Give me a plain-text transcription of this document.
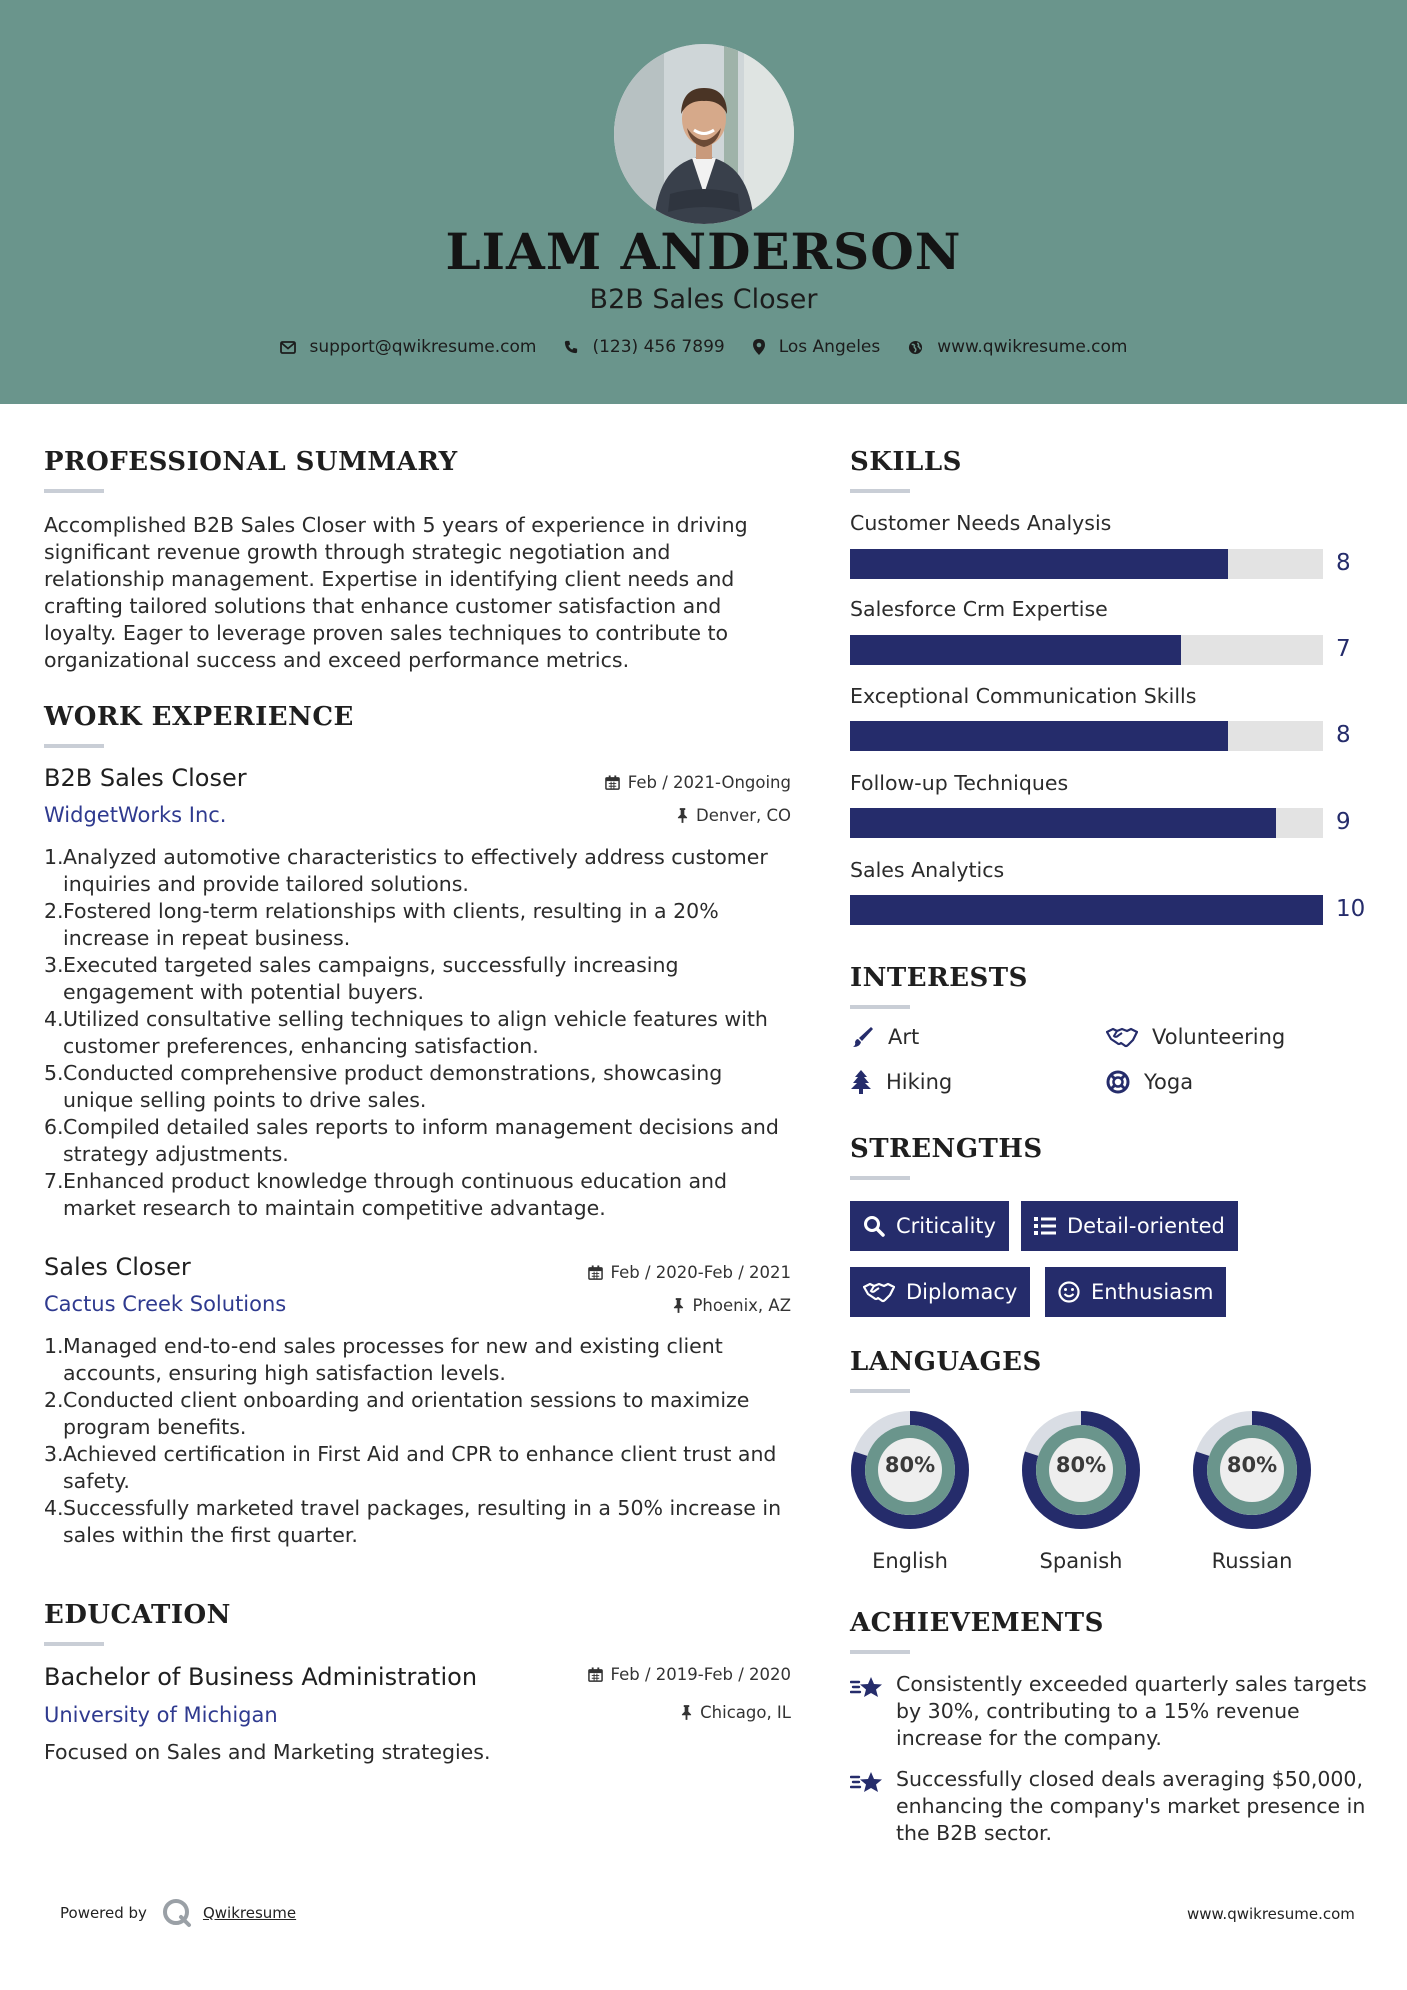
LIAM ANDERSON
B2B Sales Closer
support@qwikresume.com	(123) 456 7899	Los Angeles	www.qwikresume.com
PROFESSIONAL SUMMARY
Accomplished B2B Sales Closer with 5 years of experience in driving significant revenue growth through strategic negotiation and relationship management. Expertise in identifying client needs and crafting tailored solutions that enhance customer satisfaction and loyalty. Eager to leverage proven sales techniques to contribute to organizational success and exceed performance metrics.
WORK EXPERIENCE
B2B Sales Closer
WidgetWorks Inc.
Feb / 2021-Ongoing
Denver, CO
Analyzed automotive characteristics to effectively address customer inquiries and provide tailored solutions.
Fostered long-term relationships with clients, resulting in a 20% increase in repeat business.
Executed targeted sales campaigns, successfully increasing engagement with potential buyers.
Utilized consultative selling techniques to align vehicle features with customer preferences, enhancing satisfaction.
Conducted comprehensive product demonstrations, showcasing unique selling points to drive sales.
Compiled detailed sales reports to inform management decisions and strategy adjustments.
Enhanced product knowledge through continuous education and market research to maintain competitive advantage.
Sales Closer
Cactus Creek Solutions
Feb / 2020-Feb / 2021
Phoenix, AZ
Managed end-to-end sales processes for new and existing client accounts, ensuring high satisfaction levels.
Conducted client onboarding and orientation sessions to maximize program benefits.
Achieved certification in First Aid and CPR to enhance client trust and safety.
Successfully marketed travel packages, resulting in a 50% increase in sales within the first quarter.
EDUCATION
Bachelor of Business Administration
University of Michigan
Feb / 2019-Feb / 2020
Chicago, IL
Focused on Sales and Marketing strategies.
SKILLS
Customer Needs Analysis
8
Salesforce Crm Expertise
7
Exceptional Communication Skills
8
Follow-up Techniques
9
Sales Analytics
10
INTERESTS
Art	Volunteering
Hiking	Yoga
STRENGTHS
Criticality	Detail-oriented
Diplomacy	Enthusiasm
LANGUAGES
80%
English
80%
Spanish
80%
Russian
ACHIEVEMENTS
Consistently exceeded quarterly sales targets by 30%, contributing to a 15% revenue increase for the company.
Successfully closed deals averaging $50,000, enhancing the company's market presence in the B2B sector.
Powered by	Qwikresume	www.qwikresume.com
